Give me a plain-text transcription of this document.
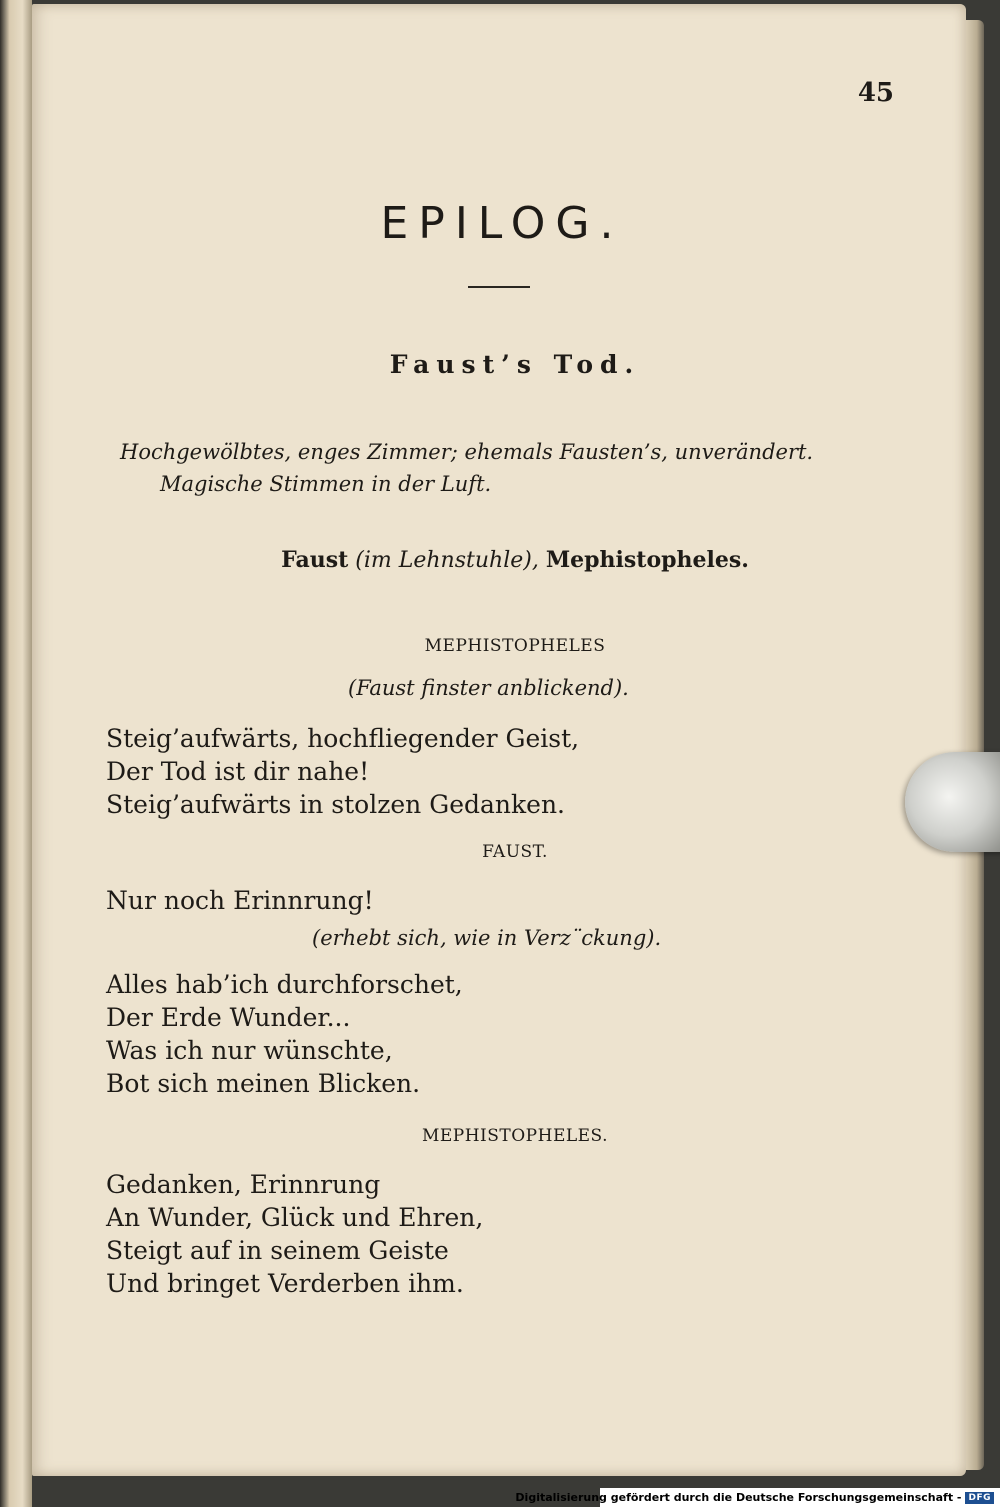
45
EPILOG.
Faust’s Tod.
Hochgewölbtes, enges Zimmer; ehemals Fausten’s, unverändert.
Magische Stimmen in der Luft.
Faust (im Lehnstuhle), Mephistopheles.
MEPHISTOPHELES
(Faust finster anblickend).
Steig’aufwärts, hochfliegender Geist,
Der Tod ist dir nahe!
Steig’aufwärts in stolzen Gedanken.
FAUST.
Nur noch Erinnrung!
(erhebt sich, wie in Verz¨ckung).
Alles hab’ich durchforschet,
Der Erde Wunder...
Was ich nur wünschte,
Bot sich meinen Blicken.
MEPHISTOPHELES.
Gedanken, Erinnrung
An Wunder, Glück und Ehren,
Steigt auf in seinem Geiste
Und bringet Verderben ihm.
Digitalisierung gefördert durch die Deutsche Forschungsgemeinschaft - DFG
